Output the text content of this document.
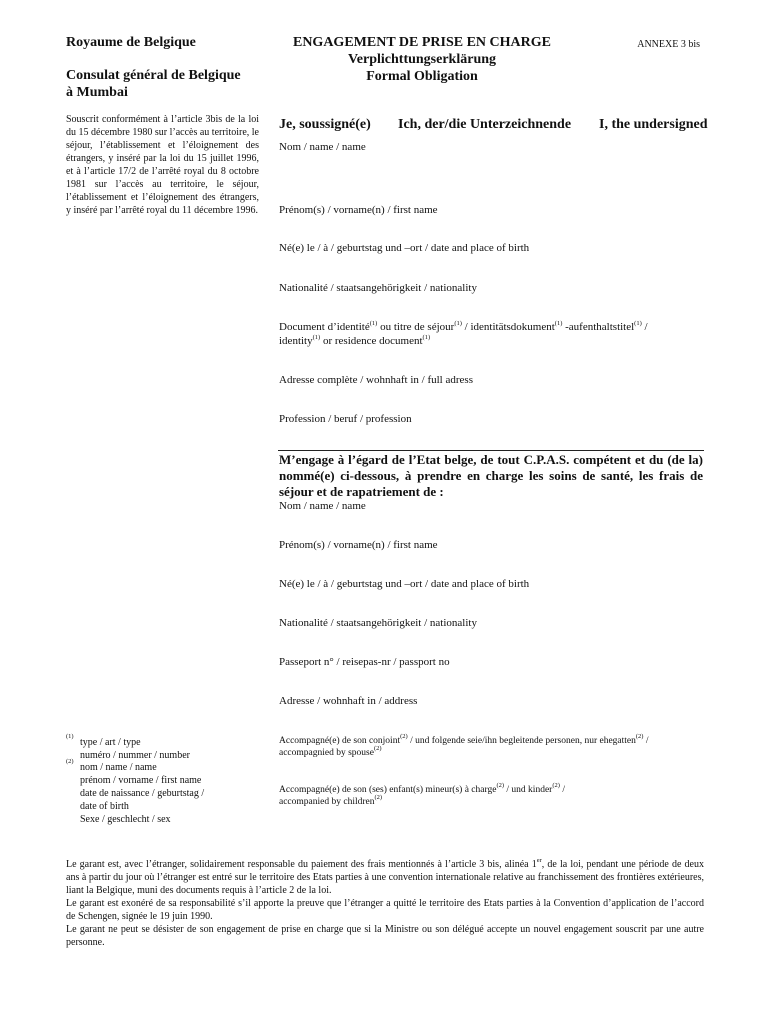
Royaume de Belgique
Consulat général de Belgique
à Mumbai
ENGAGEMENT DE PRISE EN CHARGE
Verplichttungserklärung
Formal Obligation
ANNEXE 3 bis

Souscrit conformément à l’article 3bis de la loi du 15 décembre 1980 sur l’accès au territoire, le séjour, l’établissement et l’éloignement des étrangers, y inséré par la loi du 15 juillet 1996, et à l’article 17/2 de l’arrêté royal du 8 octobre 1981 sur l’accès au territoire, le séjour, l’établissement et l’éloignement des étrangers, y inséré par l’arrêté royal du 11 décembre 1996.

Je, soussigné(e) Ich, der/die Unterzeichnende I, the undersigned
Nom / name / name
Prénom(s) / vorname(n) / first name
Né(e) le / à / geburtstag und –ort / date and place of birth
Nationalité / staatsangehörigkeit / nationality
Document d’identité$^{(1)}$ ou titre de séjour$^{(1)}$ / identitätsdokument$^{(1)}$ -aufenthaltstitel$^{(1)}$ /
identity$^{(1)}$ or residence document$^{(1)}$
Adresse complète / wohnhaft in / full adress
Profession / beruf / profession

M’engage à l’égard de l’Etat belge, de tout C.P.A.S. compétent et du (de la) nommé(e) ci-dessous, à prendre en charge les soins de santé, les frais de séjour et de rapatriement de :

Nom / name / name
Prénom(s) / vorname(n) / first name
Né(e) le / à / geburtstag und –ort / date and place of birth
Nationalité / staatsangehörigkeit / nationality
Passeport n° / reisepas-nr / passport no
Adresse / wohnhaft in / address
Accompagné(e) de son conjoint$^{(2)}$ / und folgende seie/ihn begleitende personen, nur ehegatten$^{(2)}$ /
accompagnied by spouse$^{(2)}$
Accompagné(e) de son (ses) enfant(s) mineur(s) à charge$^{(2)}$ / und kinder$^{(2)}$ /
accompanied by children$^{(2)}$
(1)
type / art / type
numéro / nummer / number
(2)
nom / name / name
prénom / vorname / first name
date de naissance / geburtstag /
date of birth
Sexe / geschlecht / sex

Le garant est, avec l’étranger, solidairement responsable du paiement des frais mentionnés à l’article 3 bis, alinéa 1er, de la loi, pendant une période de deux ans à partir du jour où l’étranger est entré sur le territoire des Etats parties à une convention internationale relative au franchissement des frontières extérieures, liant la Belgique, muni des documents requis à l’article 2 de la loi.

Le garant est exonéré de sa responsabilité s’il apporte la preuve que l’étranger a quitté le territoire des Etats parties à la Convention d’application de l’accord de Schengen, signée le 19 juin 1990.

Le garant ne peut se désister de son engagement de prise en charge que si la Ministre ou son délégué accepte un nouvel engagement souscrit par une autre personne.
